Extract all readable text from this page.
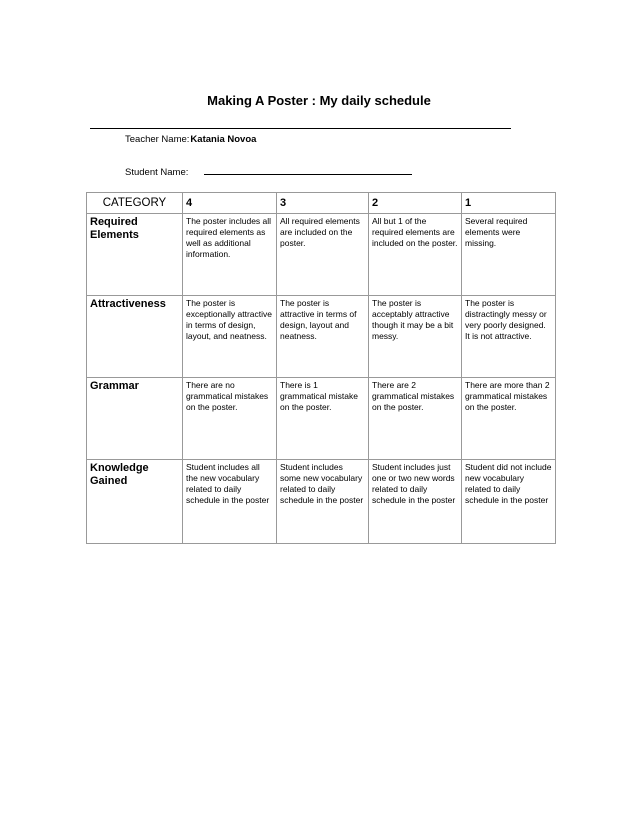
Making A Poster : My daily schedule
Teacher Name:Katania Novoa
Student Name:
CATEGORY	4	3	2	1
Required Elements	The poster includes all required elements as well as additional information.	All required elements are included on the poster.	All but 1 of the required elements are included on the poster.	Several required elements were missing.
Attractiveness	The poster is exceptionally attractive in terms of design, layout, and neatness.	The poster is attractive in terms of design, layout and neatness.	The poster is acceptably attractive though it may be a bit messy.	The poster is distractingly messy or very poorly designed. It is not attractive.
Grammar	There are no grammatical mistakes on the poster.	There is 1 grammatical mistake on the poster.	There are 2 grammatical mistakes on the poster.	There are more than 2 grammatical mistakes on the poster.
Knowledge Gained	Student includes all the new vocabulary related to daily schedule in the poster	Student includes some new vocabulary related to daily schedule in the poster	Student includes just one or two new words related to daily schedule in the poster	Student did not include new vocabulary related to daily schedule in the poster
